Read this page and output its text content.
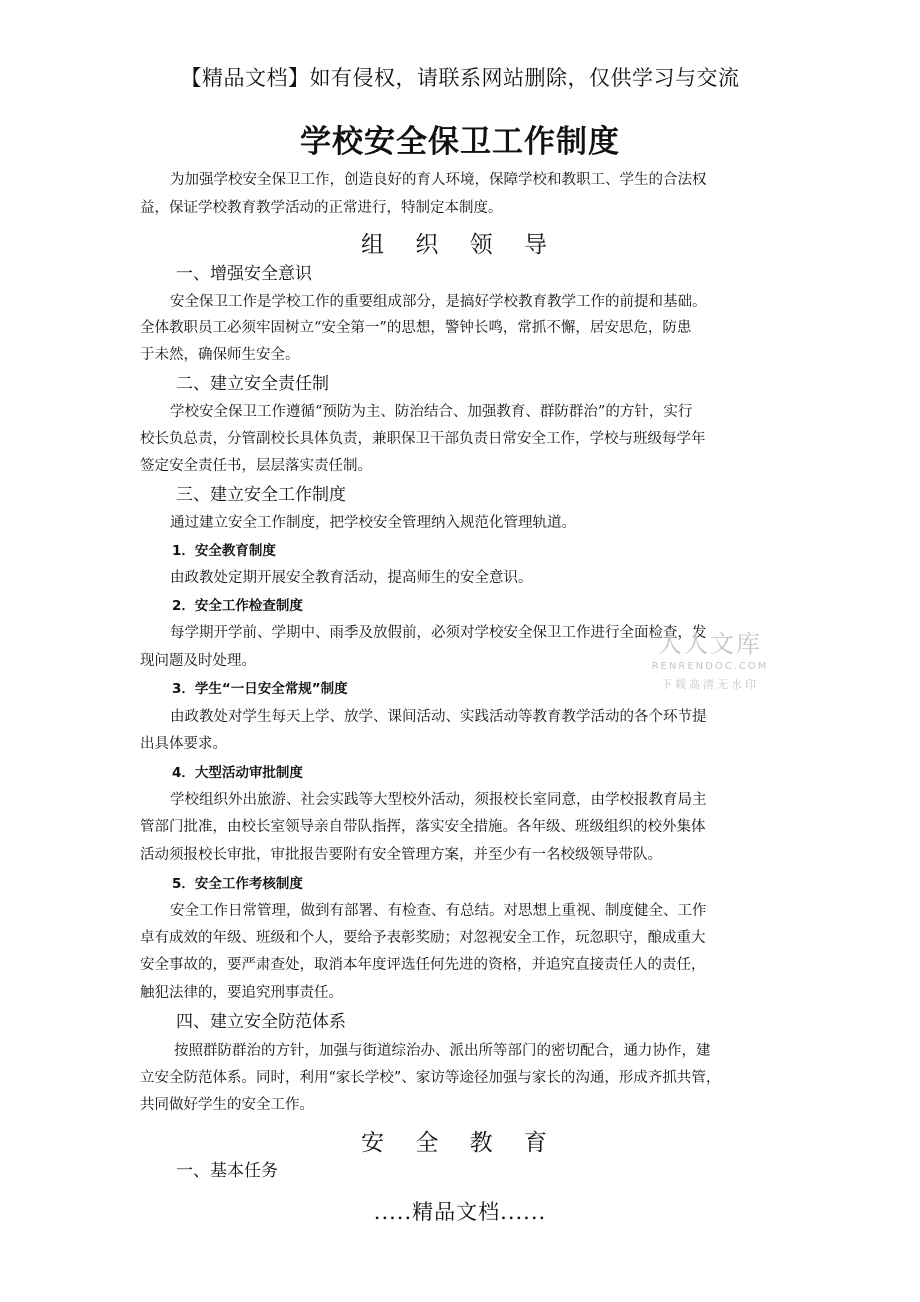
【精品文档】如有侵权，请联系网站删除，仅供学习与交流
学校安全保卫工作制度
为加强学校安全保卫工作，创造良好的育人环境，保障学校和教职工、学生的合法权
益，保证学校教育教学活动的正常进行，特制定本制度。
组 织 领 导
一、增强安全意识
安全保卫工作是学校工作的重要组成部分，是搞好学校教育教学工作的前提和基础。
全体教职员工必须牢固树立“安全第一”的思想，警钟长鸣，常抓不懈，居安思危，防患
于未然，确保师生安全。
二、建立安全责任制
学校安全保卫工作遵循“预防为主、防治结合、加强教育、群防群治”的方针，实行
校长负总责，分管副校长具体负责，兼职保卫干部负责日常安全工作，学校与班级每学年
签定安全责任书，层层落实责任制。
三、建立安全工作制度
通过建立安全工作制度，把学校安全管理纳入规范化管理轨道。
1．安全教育制度
由政教处定期开展安全教育活动，提高师生的安全意识。
2．安全工作检查制度
每学期开学前、学期中、雨季及放假前，必须对学校安全保卫工作进行全面检查，发
现问题及时处理。
3．学生“一日安全常规”制度
由政教处对学生每天上学、放学、课间活动、实践活动等教育教学活动的各个环节提
出具体要求。
4．大型活动审批制度
学校组织外出旅游、社会实践等大型校外活动，须报校长室同意，由学校报教育局主
管部门批准，由校长室领导亲自带队指挥，落实安全措施。各年级、班级组织的校外集体
活动须报校长审批，审批报告要附有安全管理方案，并至少有一名校级领导带队。
5．安全工作考核制度
安全工作日常管理，做到有部署、有检查、有总结。对思想上重视、制度健全、工作
卓有成效的年级、班级和个人，要给予表彰奖励；对忽视安全工作，玩忽职守，酿成重大
安全事故的，要严肃查处，取消本年度评选任何先进的资格，并追究直接责任人的责任，
触犯法律的，要追究刑事责任。
四、建立安全防范体系
按照群防群治的方针，加强与街道综治办、派出所等部门的密切配合，通力协作，建
立安全防范体系。同时，利用“家长学校”、家访等途径加强与家长的沟通，形成齐抓共管，
共同做好学生的安全工作。
安 全 教 育
一、基本任务
.....精品文档......
人人文库
RENRENDOC.COM
下载高清无水印
